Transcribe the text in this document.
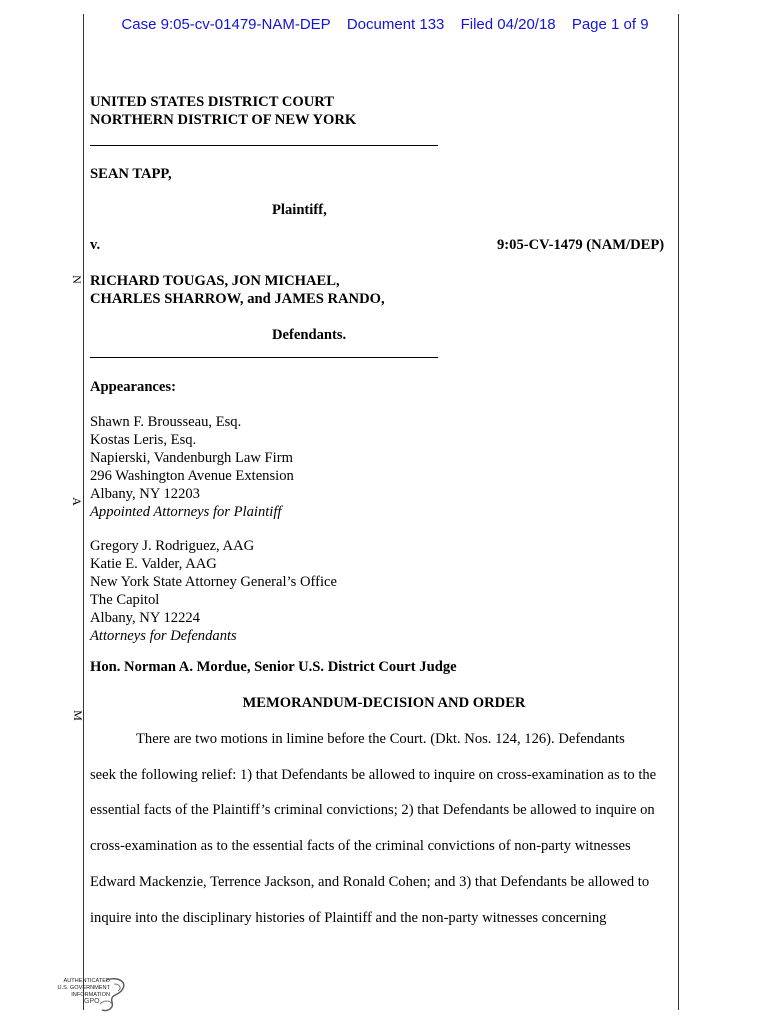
Case 9:05-cv-01479-NAM-DEP Document 133 Filed 04/20/18 Page 1 of 9
N
A
M
UNITED STATES DISTRICT COURT
NORTHERN DISTRICT OF NEW YORK
SEAN TAPP,
Plaintiff,
v.	9:05-CV-1479 (NAM/DEP)
RICHARD TOUGAS, JON MICHAEL,
CHARLES SHARROW, and JAMES RANDO,
Defendants.
Appearances:
Shawn F. Brousseau, Esq.
Kostas Leris, Esq.
Napierski, Vandenburgh Law Firm
296 Washington Avenue Extension
Albany, NY 12203
Appointed Attorneys for Plaintiff
Gregory J. Rodriguez, AAG
Katie E. Valder, AAG
New York State Attorney General’s Office
The Capitol
Albany, NY 12224
Attorneys for Defendants
Hon. Norman A. Mordue, Senior U.S. District Court Judge
MEMORANDUM-DECISION AND ORDER
There are two motions in limine before the Court. (Dkt. Nos. 124, 126). Defendants
seek the following relief: 1) that Defendants be allowed to inquire on cross-examination as to the
essential facts of the Plaintiff’s criminal convictions; 2) that Defendants be allowed to inquire on
cross-examination as to the essential facts of the criminal convictions of non-party witnesses
Edward Mackenzie, Terrence Jackson, and Ronald Cohen; and 3) that Defendants be allowed to
inquire into the disciplinary histories of Plaintiff and the non-party witnesses concerning
AUTHENTICATED
U.S. GOVERNMENT
INFORMATION
GPO
